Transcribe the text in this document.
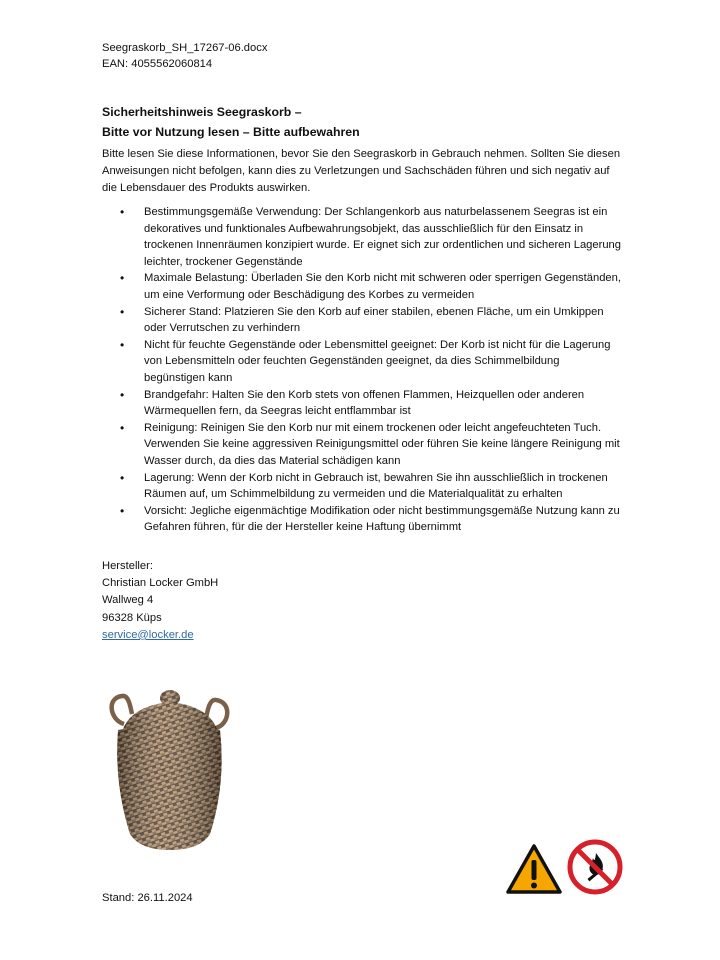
Seegraskorb_SH_17267-06.docx
EAN: 4055562060814
Sicherheitshinweis Seegraskorb –
Bitte vor Nutzung lesen – Bitte aufbewahren
Bitte lesen Sie diese Informationen, bevor Sie den Seegraskorb in Gebrauch nehmen. Sollten Sie diesen Anweisungen nicht befolgen, kann dies zu Verletzungen und Sachschäden führen und sich negativ auf die Lebensdauer des Produkts auswirken.
• Bestimmungsgemäße Verwendung: Der Schlangenkorb aus naturbelassenem Seegras ist ein dekoratives und funktionales Aufbewahrungsobjekt, das ausschließlich für den Einsatz in trockenen Innenräumen konzipiert wurde. Er eignet sich zur ordentlichen und sicheren Lagerung leichter, trockener Gegenstände
• Maximale Belastung: Überladen Sie den Korb nicht mit schweren oder sperrigen Gegenständen, um eine Verformung oder Beschädigung des Korbes zu vermeiden
• Sicherer Stand: Platzieren Sie den Korb auf einer stabilen, ebenen Fläche, um ein Umkippen oder Verrutschen zu verhindern
• Nicht für feuchte Gegenstände oder Lebensmittel geeignet: Der Korb ist nicht für die Lagerung von Lebensmitteln oder feuchten Gegenständen geeignet, da dies Schimmelbildung begünstigen kann
• Brandgefahr: Halten Sie den Korb stets von offenen Flammen, Heizquellen oder anderen Wärmequellen fern, da Seegras leicht entflammbar ist
• Reinigung: Reinigen Sie den Korb nur mit einem trockenen oder leicht angefeuchteten Tuch. Verwenden Sie keine aggressiven Reinigungsmittel oder führen Sie keine längere Reinigung mit Wasser durch, da dies das Material schädigen kann
• Lagerung: Wenn der Korb nicht in Gebrauch ist, bewahren Sie ihn ausschließlich in trockenen Räumen auf, um Schimmelbildung zu vermeiden und die Materialqualität zu erhalten
• Vorsicht: Jegliche eigenmächtige Modifikation oder nicht bestimmungsgemäße Nutzung kann zu Gefahren führen, für die der Hersteller keine Haftung übernimmt
Hersteller:
Christian Locker GmbH
Wallweg 4
96328 Küps
service@locker.de
Stand: 26.11.2024
